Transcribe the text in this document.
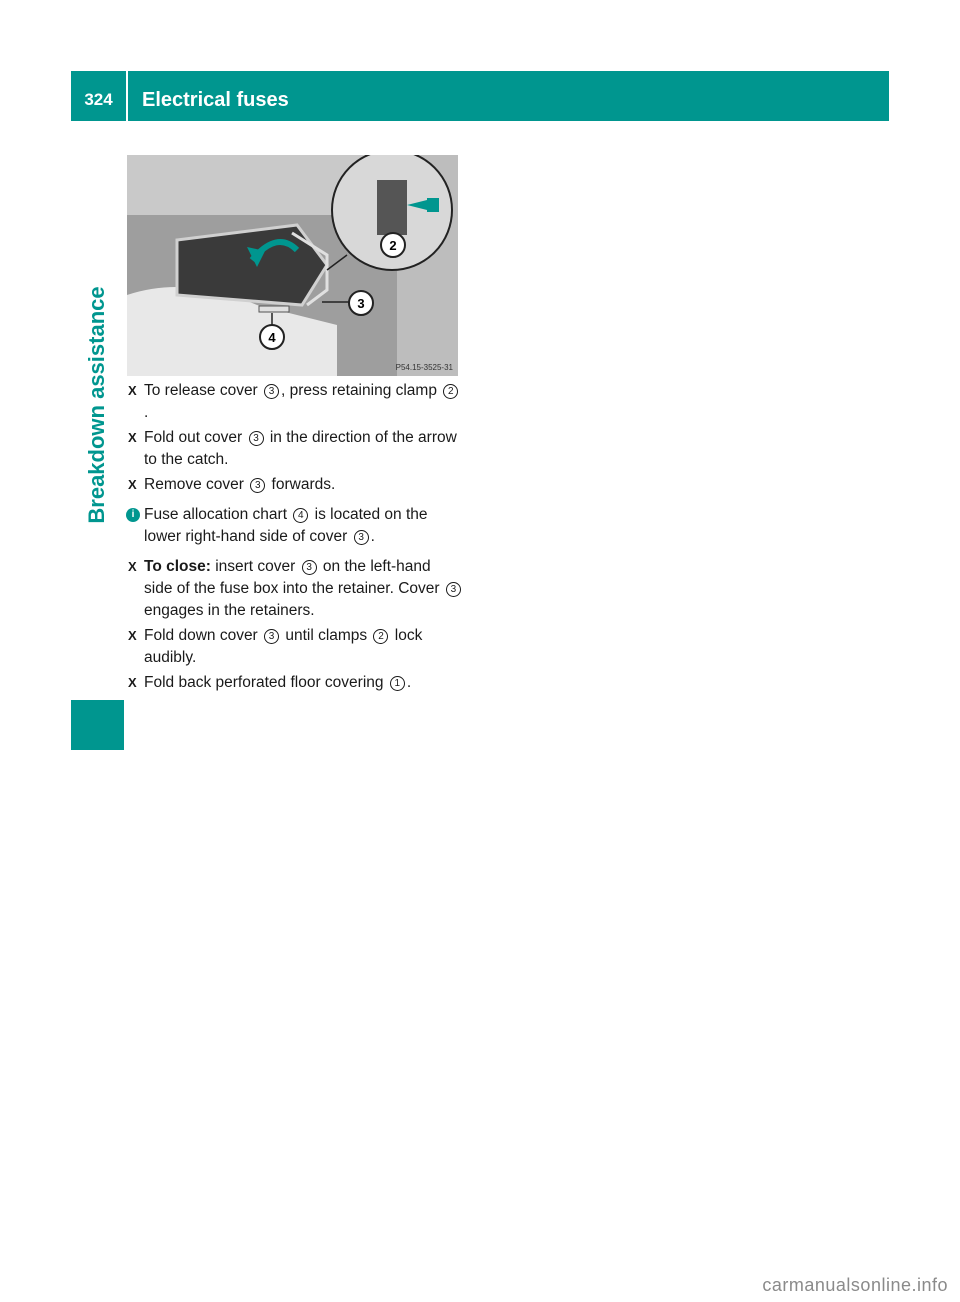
324	Electrical fuses
Breakdown assistance
2
3
4
P54.15-3525-31
X To release cover 3 , press retaining clamp 2.
X Fold out cover 3 in the direction of the arrow to the catch.
X Remove cover 3 forwards.
i Fuse allocation chart 4 is located on the lower right-hand side of cover 3 .
X To close: insert cover 3 on the left-hand side of the fuse box into the retainer. Cover 3 engages in the retainers.
X Fold down cover 3 until clamps 2 lock audibly.
X Fold back perforated floor covering 1 .
carmanualsonline.info
